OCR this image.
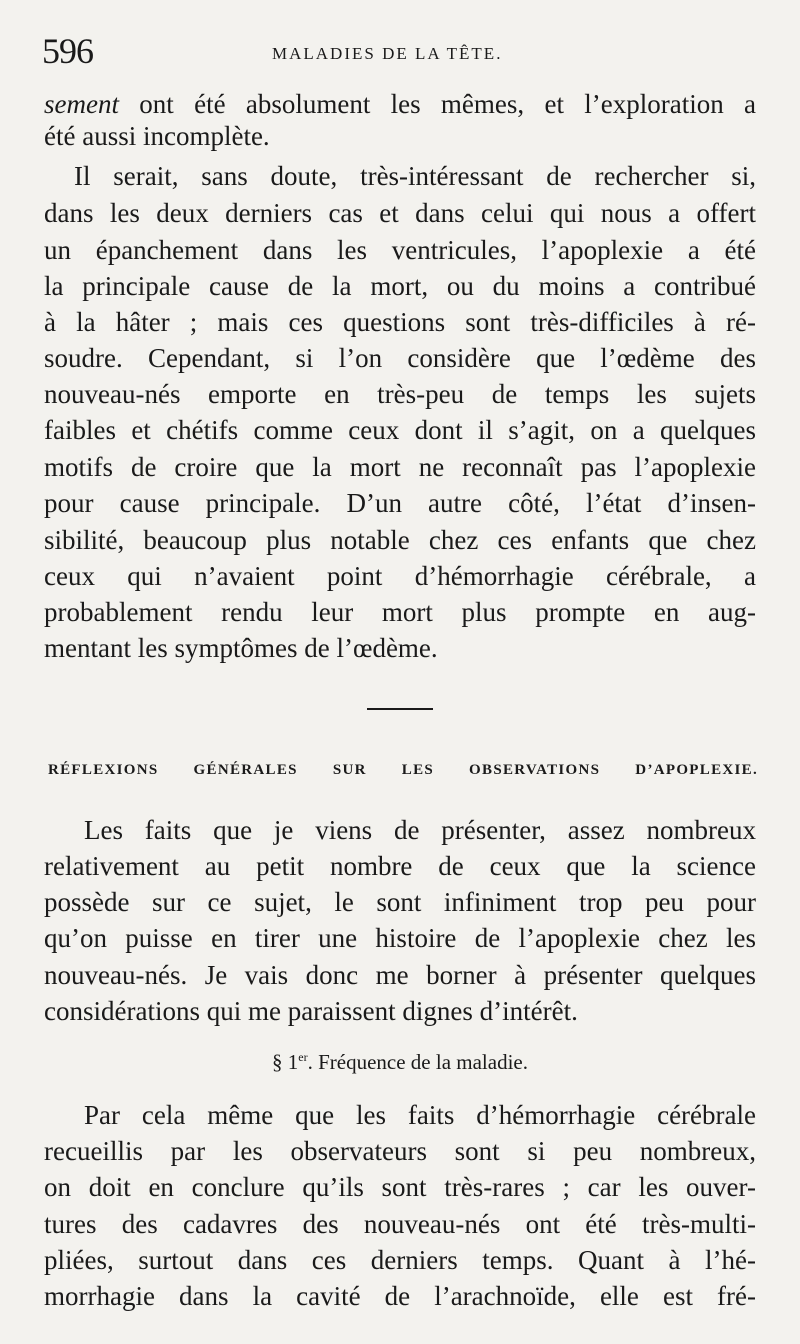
596	MALADIES DE LA TÊTE.
sement ont été absolument les mêmes, et l’exploration a
été aussi incomplète.
Il serait, sans doute, très-intéressant de rechercher si,
dans les deux derniers cas et dans celui qui nous a offert
un épanchement dans les ventricules, l’apoplexie a été
la principale cause de la mort, ou du moins a contribué
à la hâter ; mais ces questions sont très-difficiles à ré-
soudre. Cependant, si l’on considère que l’œdème des
nouveau-nés emporte en très-peu de temps les sujets
faibles et chétifs comme ceux dont il s’agit, on a quelques
motifs de croire que la mort ne reconnaît pas l’apoplexie
pour cause principale. D’un autre côté, l’état d’insen-
sibilité, beaucoup plus notable chez ces enfants que chez
ceux qui n’avaient point d’hémorrhagie cérébrale, a
probablement rendu leur mort plus prompte en aug-
mentant les symptômes de l’œdème.
Les faits que je viens de présenter, assez nombreux
relativement au petit nombre de ceux que la science
possède sur ce sujet, le sont infiniment trop peu pour
qu’on puisse en tirer une histoire de l’apoplexie chez les
nouveau-nés. Je vais donc me borner à présenter quelques
considérations qui me paraissent dignes d’intérêt.
Par cela même que les faits d’hémorrhagie cérébrale
recueillis par les observateurs sont si peu nombreux,
on doit en conclure qu’ils sont très-rares ; car les ouver-
tures des cadavres des nouveau-nés ont été très-multi-
pliées, surtout dans ces derniers temps. Quant à l’hé-
morrhagie dans la cavité de l’arachnoïde, elle est fré-
RÉFLEXIONS GÉNÉRALES SUR LES OBSERVATIONS D’APOPLEXIE.
§ 1er. Fréquence de la maladie.
